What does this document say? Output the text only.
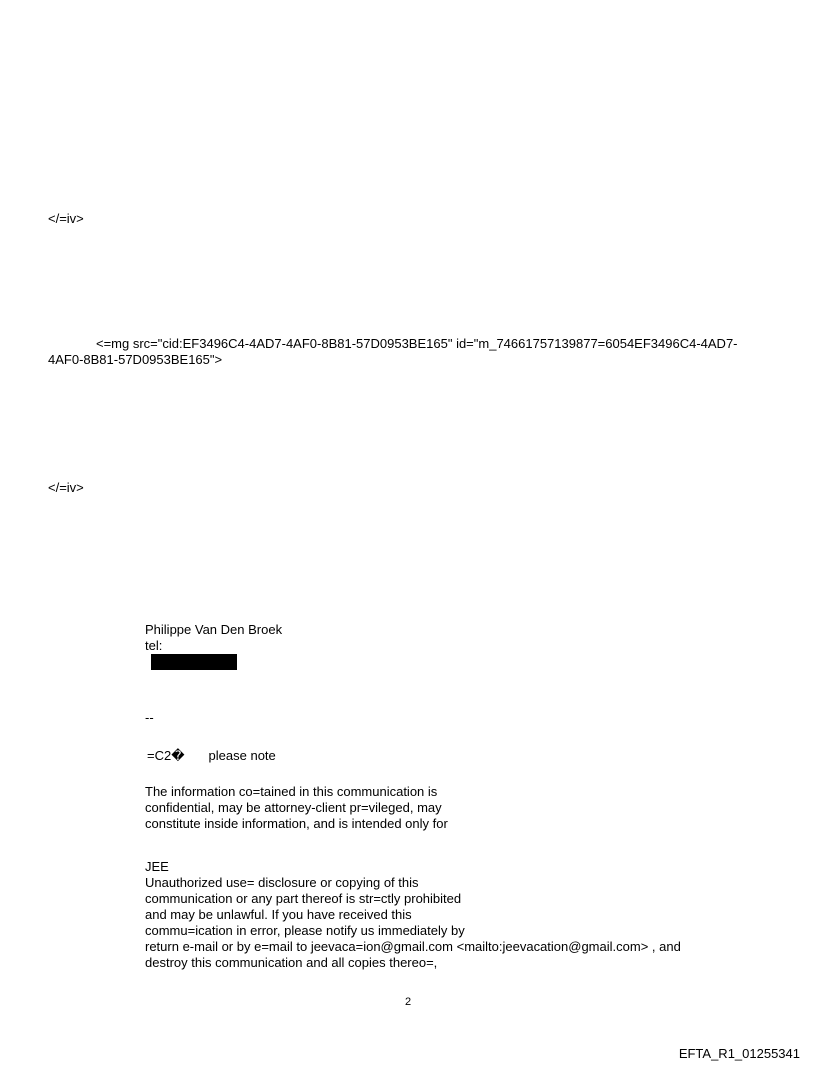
</=iv>
<=mg src="cid:EF3496C4-4AD7-4AF0-8B81-57D0953BE165" id="m_74661757139877=6054EF3496C4-4AD7-
4AF0-8B81-57D0953BE165">
</=iv>
Philippe Van Den Broek
tel:
--
=C2� please note
The information co=tained in this communication is
confidential, may be attorney-client pr=vileged, may
constitute inside information, and is intended only for
JEE
Unauthorized use= disclosure or copying of this
communication or any part thereof is str=ctly prohibited
and may be unlawful. If you have received this
commu=ication in error, please notify us immediately by
return e-mail or by e=mail to jeevaca=ion@gmail.com <mailto:jeevacation@gmail.com> , and
destroy this communication and all copies thereo=,
2
EFTA_R1_01255341
